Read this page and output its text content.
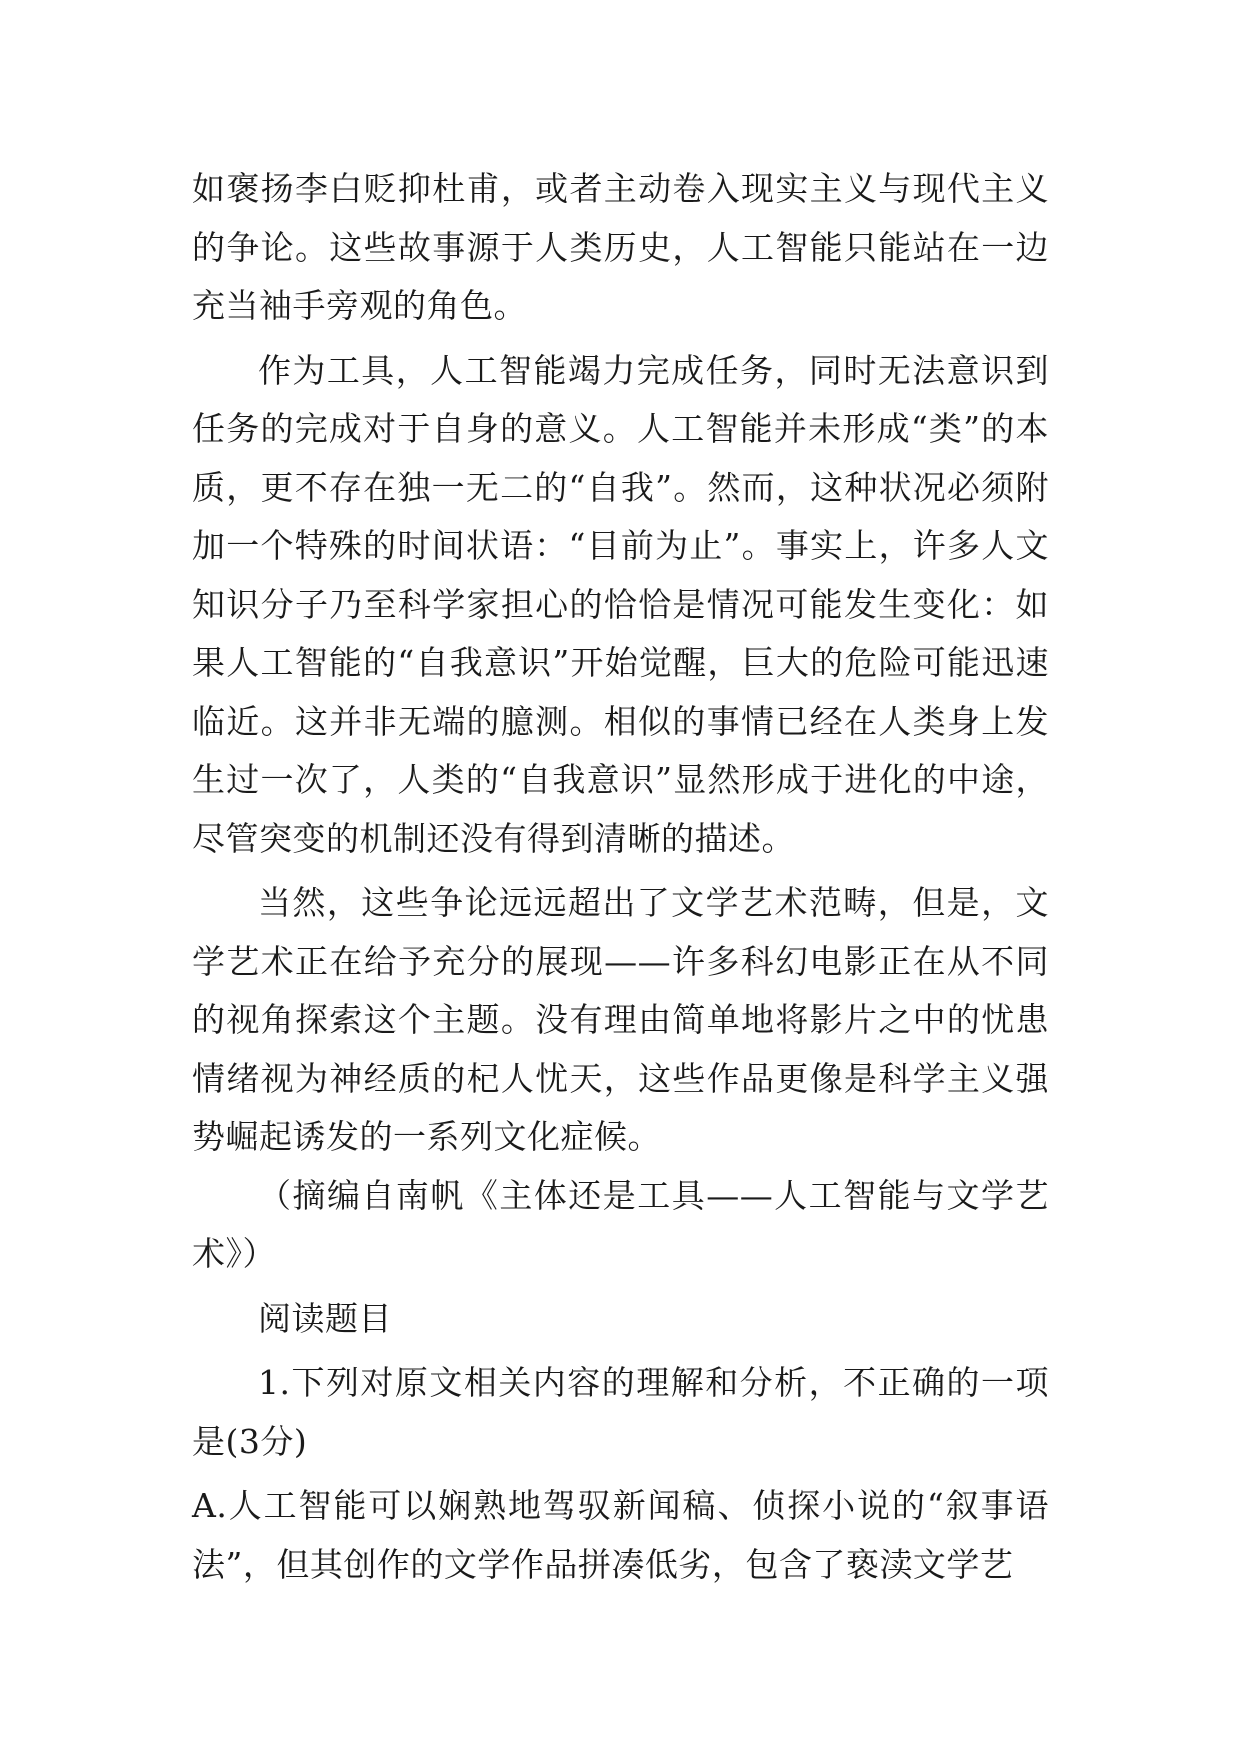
如褒扬李白贬抑杜甫，或者主动卷入现实主义与现代主义的争论。这些故事源于人类历史，人工智能只能站在一边充当袖手旁观的角色。

作为工具，人工智能竭力完成任务，同时无法意识到任务的完成对于自身的意义。人工智能并未形成“类”的本质，更不存在独一无二的“自我”。然而，这种状况必须附加一个特殊的时间状语：“目前为止”。事实上，许多人文知识分子乃至科学家担心的恰恰是情况可能发生变化：如果人工智能的“自我意识”开始觉醒，巨大的危险可能迅速临近。这并非无端的臆测。相似的事情已经在人类身上发生过一次了，人类的“自我意识”显然形成于进化的中途，尽管突变的机制还没有得到清晰的描述。

当然，这些争论远远超出了文学艺术范畴，但是，文学艺术正在给予充分的展现——许多科幻电影正在从不同的视角探索这个主题。没有理由简单地将影片之中的忧患情绪视为神经质的杞人忧天，这些作品更像是科学主义强势崛起诱发的一系列文化症候。

（摘编自南帆《主体还是工具——人工智能与文学艺术》）

阅读题目

1.下列对原文相关内容的理解和分析，不正确的一项是(3分)

A.人工智能可以娴熟地驾驭新闻稿、侦探小说的“叙事语法”，但其创作的文学作品拼凑低劣，包含了亵渎文学艺
